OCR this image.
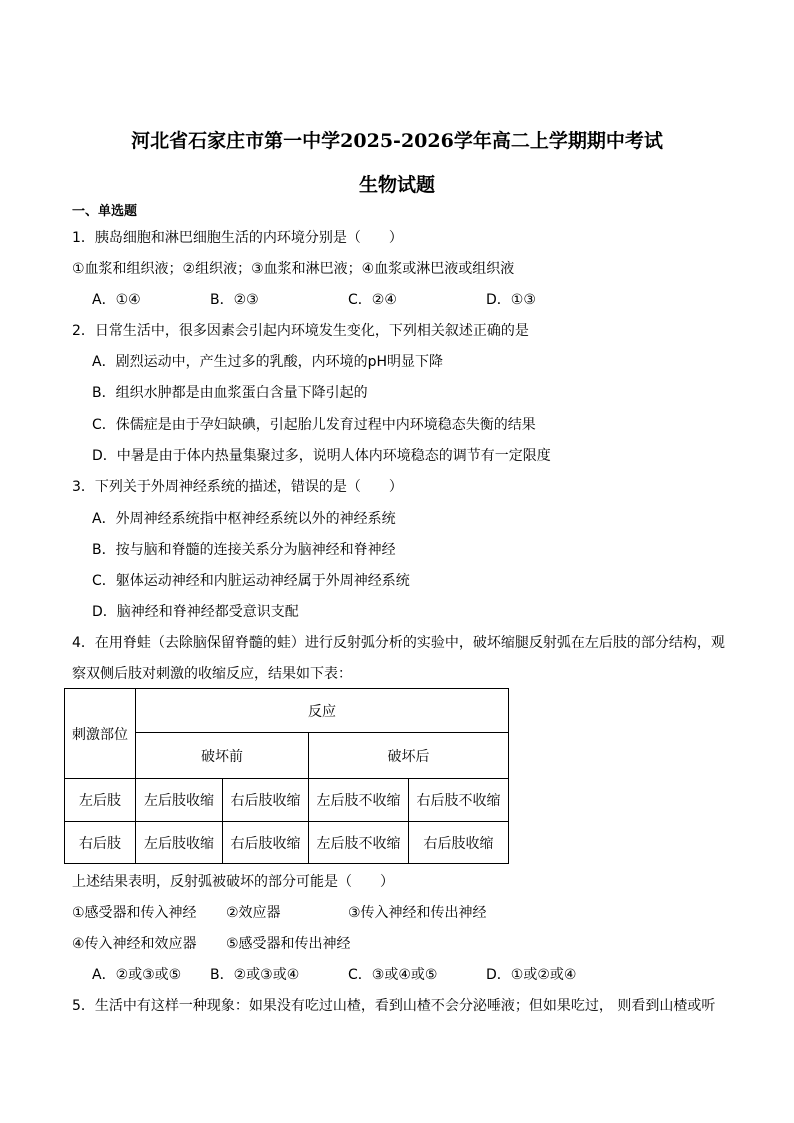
河北省石家庄市第一中学2025-2026学年高二上学期期中考试
生物试题
一、单选题
1．胰岛细胞和淋巴细胞生活的内环境分别是（　　）
①血浆和组织液；②组织液；③血浆和淋巴液；④血浆或淋巴液或组织液
A．①④	B．②③	C．②④	D．①③
2．日常生活中，很多因素会引起内环境发生变化，下列相关叙述正确的是
A．剧烈运动中，产生过多的乳酸，内环境的pH明显下降
B．组织水肿都是由血浆蛋白含量下降引起的
C．侏儒症是由于孕妇缺碘，引起胎儿发育过程中内环境稳态失衡的结果
D．中暑是由于体内热量集聚过多，说明人体内环境稳态的调节有一定限度
3．下列关于外周神经系统的描述，错误的是（　　）
A．外周神经系统指中枢神经系统以外的神经系统
B．按与脑和脊髓的连接关系分为脑神经和脊神经
C．躯体运动神经和内脏运动神经属于外周神经系统
D．脑神经和脊神经都受意识支配
4．在用脊蛙（去除脑保留脊髓的蛙）进行反射弧分析的实验中，破坏缩腿反射弧在左后肢的部分结构，观
察双侧后肢对刺激的收缩反应，结果如下表：
刺激部位	反应			
	破坏前		破坏后	
左后肢	左后肢收缩	右后肢收缩	左后肢不收缩	右后肢不收缩
右后肢	左后肢收缩	右后肢收缩	左后肢不收缩	右后肢收缩
上述结果表明，反射弧被破坏的部分可能是（　　）
①感受器和传入神经 ②效应器	③传入神经和传出神经
④传入神经和效应器 ⑤感受器和传出神经
A．②或③或⑤ B．②或③或④	C．③或④或⑤	D．①或②或④
5．生活中有这样一种现象：如果没有吃过山楂，看到山楂不会分泌唾液；但如果吃过， 则看到山楂或听
